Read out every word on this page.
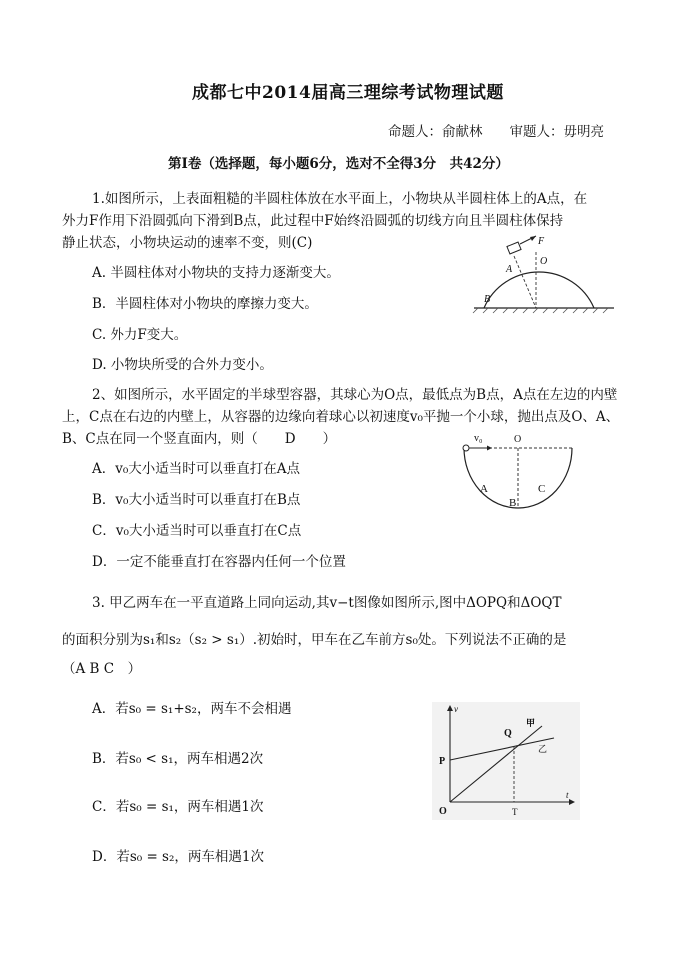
成都七中2014届高三理综考试物理试题
命题人：俞献林　　审题人：毋明亮
第Ⅰ卷（选择题，每小题6分，选对不全得3分　共42分）
1.如图所示，上表面粗糙的半圆柱体放在水平面上，小物块从半圆柱体上的A点，在
外力F作用下沿圆弧向下滑到B点，此过程中F始终沿圆弧的切线方向且半圆柱体保持
静止状态，小物块运动的速率不变，则(C)
A. 半圆柱体对小物块的支持力逐渐变大。
B．半圆柱体对小物块的摩擦力变大。
C. 外力F变大。
D. 小物块所受的合外力变小。
A
B
F
O
2、如图所示，水平固定的半球型容器，其球心为O点，最低点为B点，A点在左边的内壁
上，C点在右边的内壁上，从容器的边缘向着球心以初速度v₀平抛一个小球，抛出点及O、A、
B、C点在同一个竖直面内，则（　　D　　）
A．v₀大小适当时可以垂直打在A点
B．v₀大小适当时可以垂直打在B点
C．v₀大小适当时可以垂直打在C点
D．一定不能垂直打在容器内任何一个位置
v₀	O
A
B
C
3. 甲乙两车在一平直道路上同向运动,其v−t图像如图所示,图中ΔOPQ和ΔOQT
的面积分别为s₁和s₂（s₂ > s₁）.初始时，甲车在乙车前方s₀处。下列说法不正确的是
（A B C　）
A．若s₀ = s₁+s₂，两车不会相遇
B．若s₀ < s₁，两车相遇2次
C．若s₀ = s₁，两车相遇1次
D．若s₀ = s₂，两车相遇1次
v
t
O
P
Q
T
甲
乙
